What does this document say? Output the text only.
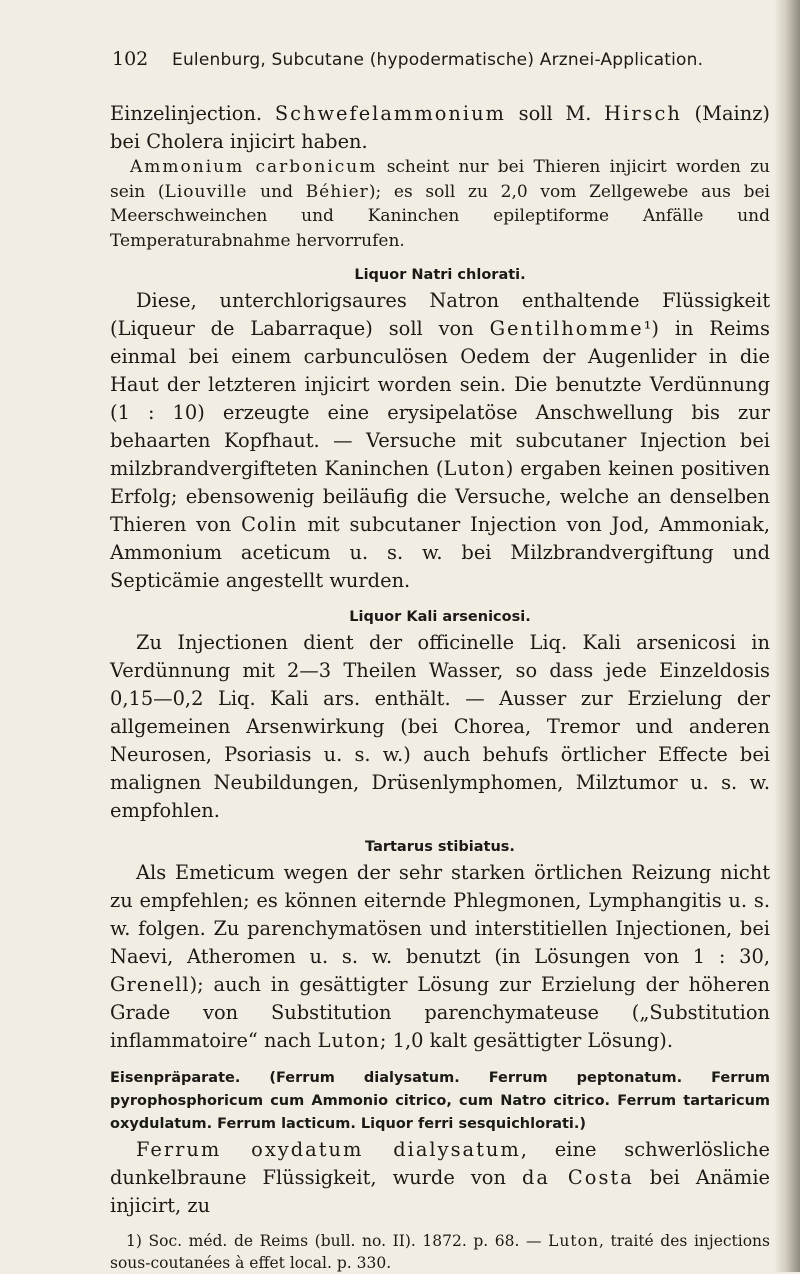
102	Eulenburg, Subcutane (hypodermatische) Arznei-Application.

Einzelinjection. Schwefelammonium soll M. Hirsch (Mainz) bei Cholera injicirt haben.

Ammonium carbonicum scheint nur bei Thieren injicirt worden zu sein (Liouville und Béhier); es soll zu 2,0 vom Zellgewebe aus bei Meerschweinchen und Kaninchen epileptiforme Anfälle und Temperaturabnahme hervorrufen.

Liquor Natri chlorati.

Diese, unterchlorigsaures Natron enthaltende Flüssigkeit (Liqueur de Labarraque) soll von Gentilhomme¹) in Reims einmal bei einem carbunculösen Oedem der Augenlider in die Haut der letzteren injicirt worden sein. Die benutzte Verdünnung (1 : 10) erzeugte eine erysipelatöse Anschwellung bis zur behaarten Kopfhaut. — Versuche mit subcutaner Injection bei milzbrandvergifteten Kaninchen (Luton) ergaben keinen positiven Erfolg; ebensowenig beiläufig die Versuche, welche an denselben Thieren von Colin mit subcutaner Injection von Jod, Ammoniak, Ammonium aceticum u. s. w. bei Milzbrandvergiftung und Septicämie angestellt wurden.

Liquor Kali arsenicosi.

Zu Injectionen dient der officinelle Liq. Kali arsenicosi in Verdünnung mit 2—3 Theilen Wasser, so dass jede Einzeldosis 0,15—0,2 Liq. Kali ars. enthält. — Ausser zur Erzielung der allgemeinen Arsenwirkung (bei Chorea, Tremor und anderen Neurosen, Psoriasis u. s. w.) auch behufs örtlicher Effecte bei malignen Neubildungen, Drüsenlymphomen, Milztumor u. s. w. empfohlen.

Tartarus stibiatus.

Als Emeticum wegen der sehr starken örtlichen Reizung nicht zu empfehlen; es können eiternde Phlegmonen, Lymphangitis u. s. w. folgen. Zu parenchymatösen und interstitiellen Injectionen, bei Naevi, Atheromen u. s. w. benutzt (in Lösungen von 1 : 30, Grenell); auch in gesättigter Lösung zur Erzielung der höheren Grade von Substitution parenchymateuse („Substitution inflammatoire“ nach Luton; 1,0 kalt gesättigter Lösung).

Eisenpräparate. (Ferrum dialysatum. Ferrum peptonatum. Ferrum pyrophosphoricum cum Ammonio citrico, cum Natro citrico. Ferrum tartaricum oxydulatum. Ferrum lacticum. Liquor ferri sesquichlorati.)

Ferrum oxydatum dialysatum, eine schwerlösliche dunkelbraune Flüssigkeit, wurde von da Costa bei Anämie injicirt, zu

1) Soc. méd. de Reims (bull. no. II). 1872. p. 68. — Luton, traité des injections sous-coutanées à effet local. p. 330.
